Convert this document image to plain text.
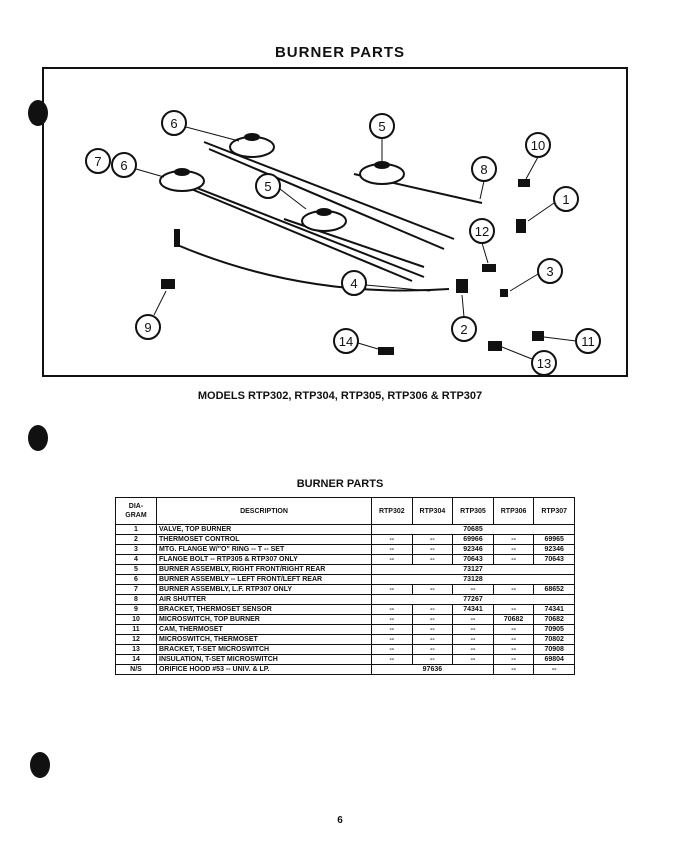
BURNER PARTS
6	5
7 6
5
8
10
1
12
4
3
9	2
14	11
13
MODELS RTP302, RTP304, RTP305, RTP306 & RTP307
BURNER PARTS
DIA-
GRAM	DESCRIPTION	RTP302	RTP304	RTP305	RTP306	RTP307
1	VALVE, TOP BURNER	70685				
2	THERMOSET CONTROL	--	--	69966	--	69965
3	MTG. FLANGE W/"O" RING -- T -- SET	--	--	92346	--	92346
4	FLANGE BOLT -- RTP305 & RTP307 ONLY	--	--	70643	--	70643
5	BURNER ASSEMBLY, RIGHT FRONT/RIGHT REAR	73127				
6	BURNER ASSEMBLY -- LEFT FRONT/LEFT REAR	73128				
7	BURNER ASSEMBLY, L.F. RTP307 ONLY	--	--	--	--	68652
8	AIR SHUTTER	77267				
9	BRACKET, THERMOSET SENSOR	--	--	74341	--	74341
10	MICROSWITCH, TOP BURNER	--	--	--	70682	70682
11	CAM, THERMOSET	--	--	--	--	70905
12	MICROSWITCH, THERMOSET	--	--	--	--	70802
13	BRACKET, T-SET MICROSWITCH	--	--	--	--	70908
14	INSULATION, T-SET MICROSWITCH	--	--	--	--	69804
N/S	ORIFICE HOOD #53 -- UNIV. & LP.	97636			--	--
6
